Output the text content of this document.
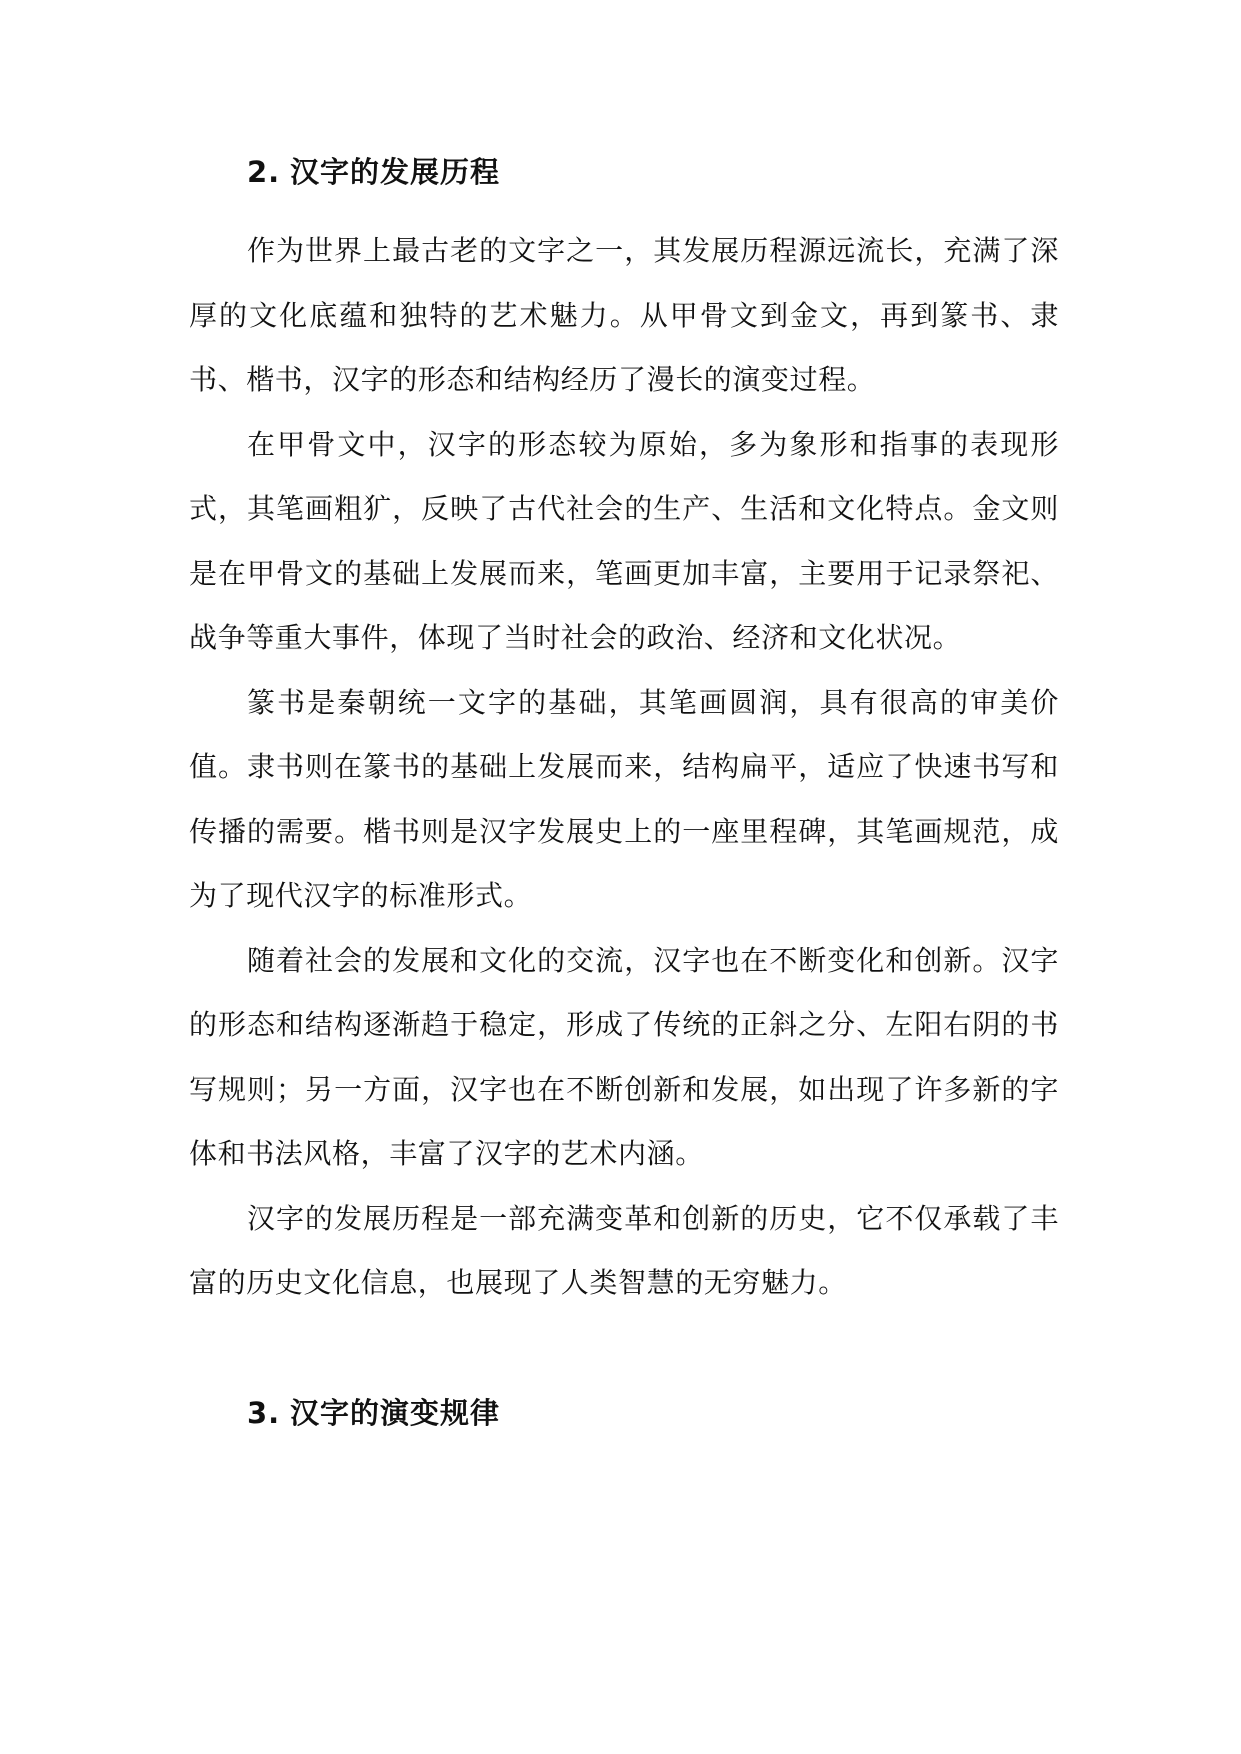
2. 汉字的发展历程

作为世界上最古老的文字之一，其发展历程源远流长，充满了深厚的文化底蕴和独特的艺术魅力。从甲骨文到金文，再到篆书、隶书、楷书，汉字的形态和结构经历了漫长的演变过程。

在甲骨文中，汉字的形态较为原始，多为象形和指事的表现形式，其笔画粗犷，反映了古代社会的生产、生活和文化特点。金文则是在甲骨文的基础上发展而来，笔画更加丰富，主要用于记录祭祀、战争等重大事件，体现了当时社会的政治、经济和文化状况。

篆书是秦朝统一文字的基础，其笔画圆润，具有很高的审美价值。隶书则在篆书的基础上发展而来，结构扁平，适应了快速书写和传播的需要。楷书则是汉字发展史上的一座里程碑，其笔画规范，成为了现代汉字的标准形式。

随着社会的发展和文化的交流，汉字也在不断变化和创新。汉字的形态和结构逐渐趋于稳定，形成了传统的正斜之分、左阳右阴的书写规则；另一方面，汉字也在不断创新和发展，如出现了许多新的字体和书法风格，丰富了汉字的艺术内涵。

汉字的发展历程是一部充满变革和创新的历史，它不仅承载了丰富的历史文化信息，也展现了人类智慧的无穷魅力。

3. 汉字的演变规律
